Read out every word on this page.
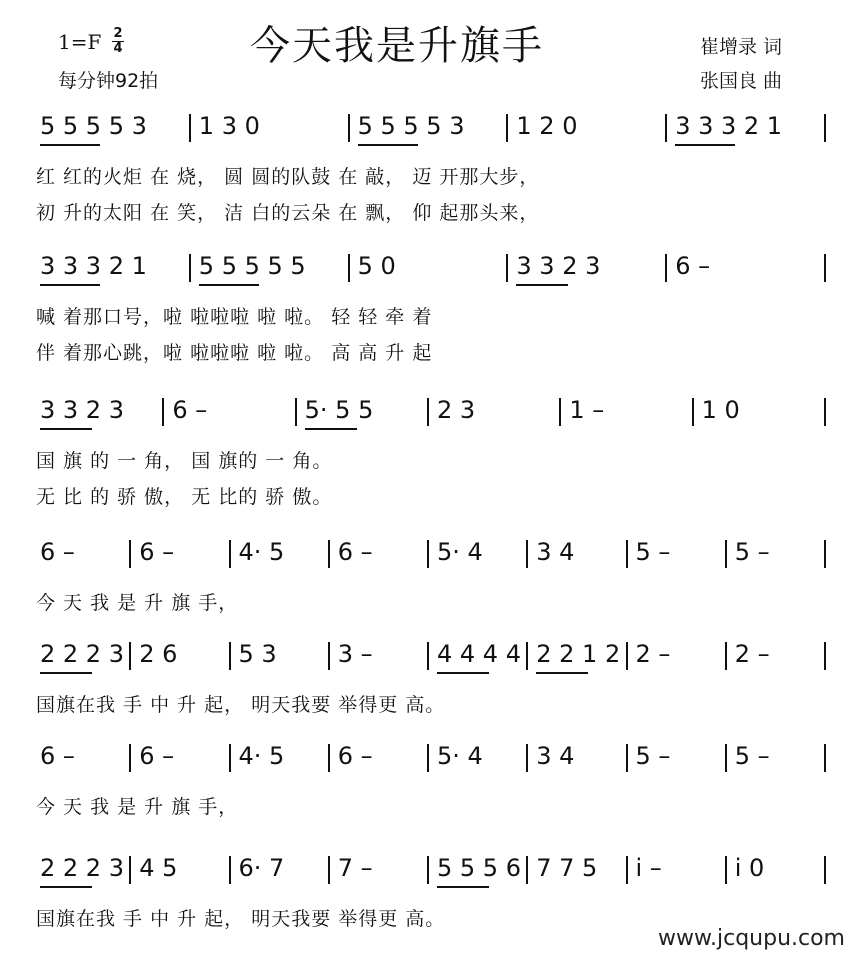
1=F 2
4
每分钟92拍
今天我是升旗手	崔增录 词
张国良 曲
5 5 5 5 3 1 3 0	5 5 5 5 3 1 2 0	3 3 3 2 1
红 红的火炬 在 烧， 圆 圆的队鼓 在 敲， 迈 开那大步，
初 升的太阳 在 笑， 洁 白的云朵 在 飘， 仰 起那头来，
3 3 3 2 1 5 5 5 5 5 5 0	3 3 2 3	6 –
喊 着那口号，啦 啦啦啦 啦 啦。 轻 轻 牵 着
伴 着那心跳，啦 啦啦啦 啦 啦。 高 高 升 起
3 3 2 3 6 –	5· 5 5	2 3	1 –	1 0
国 旗 的 一 角， 国 旗的 一 角。
无 比 的 骄 傲， 无 比的 骄 傲。
6 –	6 –	4· 5 6 –	5· 4 3 4	5 –	5 –
今 天 我 是 升 旗 手，
2 2 2 3 2 6	5 3	3 –	4 4 4 4 2 2 1 2 2 –	2 –
国旗在我 手 中 升 起， 明天我要 举得更 高。
6 –	6 –	4· 5 6 –	5· 4 3 4	5 –	5 –
今 天 我 是 升 旗 手，
2 2 2 3 4 5	6· 7 7 –	5 5 5 6 7 7 5 i –	i 0
国旗在我 手 中 升 起， 明天我要 举得更 高。
www.jcqupu.com
